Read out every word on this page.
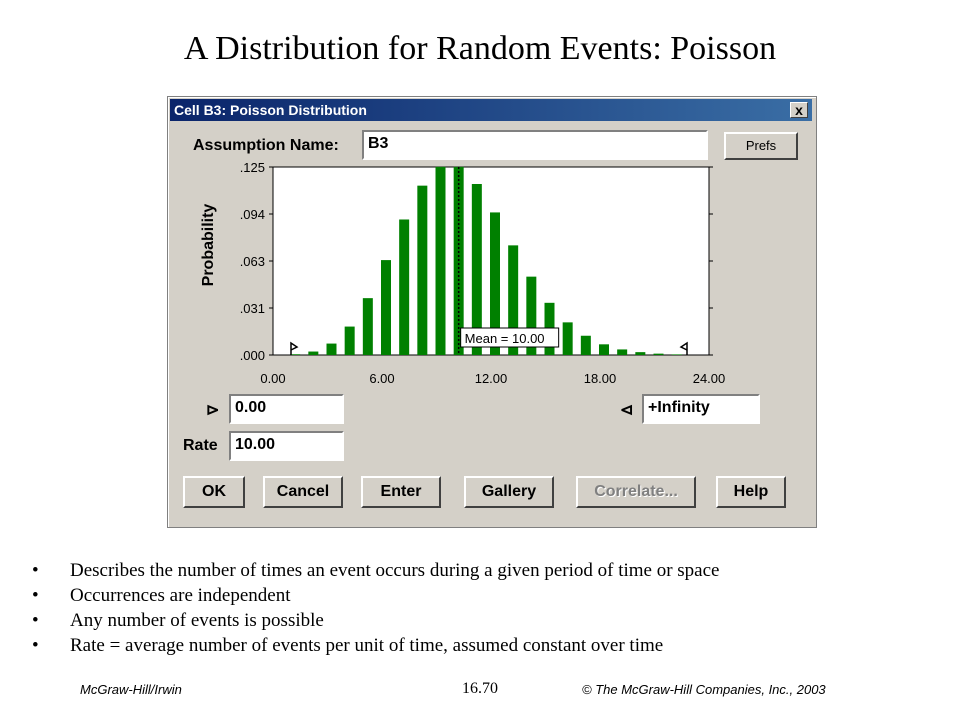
A Distribution for Random Events: Poisson
Cell B3: Poisson Distribution	x
Assumption Name:	B3	Prefs
Probability
.000
.031
.063
.094
.125
0.00	6.00	12.00	18.00	24.00
Mean = 10.00
⊳ 0.00	⊲ +Infinity
Rate	10.00
OK	Cancel	Enter	Gallery	Correlate...	Help
• Describes the number of times an event occurs during a given period of time or space
• Occurrences are independent
• Any number of events is possible
• Rate = average number of events per unit of time, assumed constant over time
McGraw-Hill/Irwin	16.70	© The McGraw-Hill Companies, Inc., 2003
